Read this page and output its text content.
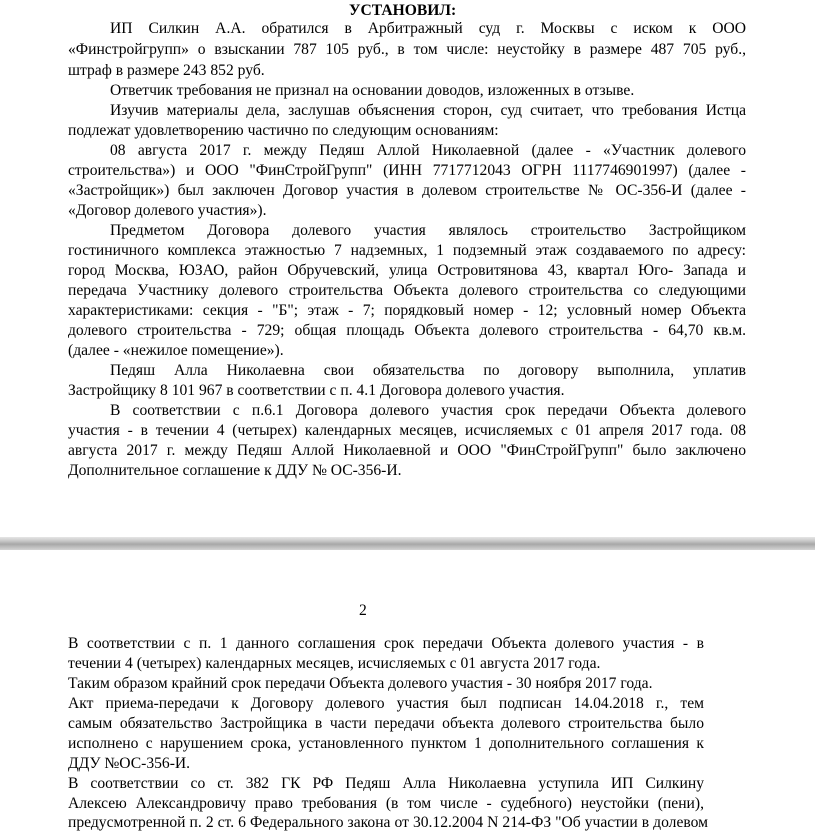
УСТАНОВИЛ:
2
ИП Силкин А.А. обратился в Арбитражный суд г. Москвы с иском к ООО
«Финстройгрупп» о взыскании 787 105 руб., в том числе: неустойку в размере 487 705 руб.,
штраф в размере 243 852 руб.
Ответчик требования не признал на основании доводов, изложенных в отзыве.
Изучив материалы дела, заслушав объяснения сторон, суд считает, что требования Истца
подлежат удовлетворению частично по следующим основаниям:
08 августа 2017 г. между Педяш Аллой Николаевной (далее - «Участник долевого
строительства») и ООО "ФинСтройГрупп" (ИНН 7717712043 ОГРН 1117746901997) (далее -
«Застройщик») был заключен Договор участия в долевом строительстве № ОС-356-И (далее -
«Договор долевого участия»).
Предметом Договора долевого участия являлось строительство Застройщиком
гостиничного комплекса этажностью 7 надземных, 1 подземный этаж создаваемого по адресу:
город Москва, ЮЗАО, район Обручевский, улица Островитянова 43, квартал Юго- Запада и
передача Участнику долевого строительства Объекта долевого строительства со следующими
характеристиками: секция - "Б"; этаж - 7; порядковый номер - 12; условный номер Объекта
долевого строительства - 729; общая площадь Объекта долевого строительства - 64,70 кв.м.
(далее - «нежилое помещение»).
Педяш Алла Николаевна свои обязательства по договору выполнила, уплатив
Застройщику 8 101 967 в соответствии с п. 4.1 Договора долевого участия.
В соответствии с п.6.1 Договора долевого участия срок передачи Объекта долевого
участия - в течении 4 (четырех) календарных месяцев, исчисляемых с 01 апреля 2017 года. 08
августа 2017 г. между Педяш Аллой Николаевной и ООО "ФинСтройГрупп" было заключено
Дополнительное соглашение к ДДУ № ОС-356-И.
В соответствии с п. 1 данного соглашения срок передачи Объекта долевого участия - в
течении 4 (четырех) календарных месяцев, исчисляемых с 01 августа 2017 года.
Таким образом крайний срок передачи Объекта долевого участия - 30 ноября 2017 года.
Акт приема-передачи к Договору долевого участия был подписан 14.04.2018 г., тем
самым обязательство Застройщика в части передачи объекта долевого строительства было
исполнено с нарушением срока, установленного пунктом 1 дополнительного соглашения к
ДДУ №ОС-356-И.
В соответствии со ст. 382 ГК РФ Педяш Алла Николаевна уступила ИП Силкину
Алексею Александровичу право требования (в том числе - судебного) неустойки (пени),
предусмотренной п. 2 ст. 6 Федерального закона от 30.12.2004 N 214-ФЗ "Об участии в долевом
